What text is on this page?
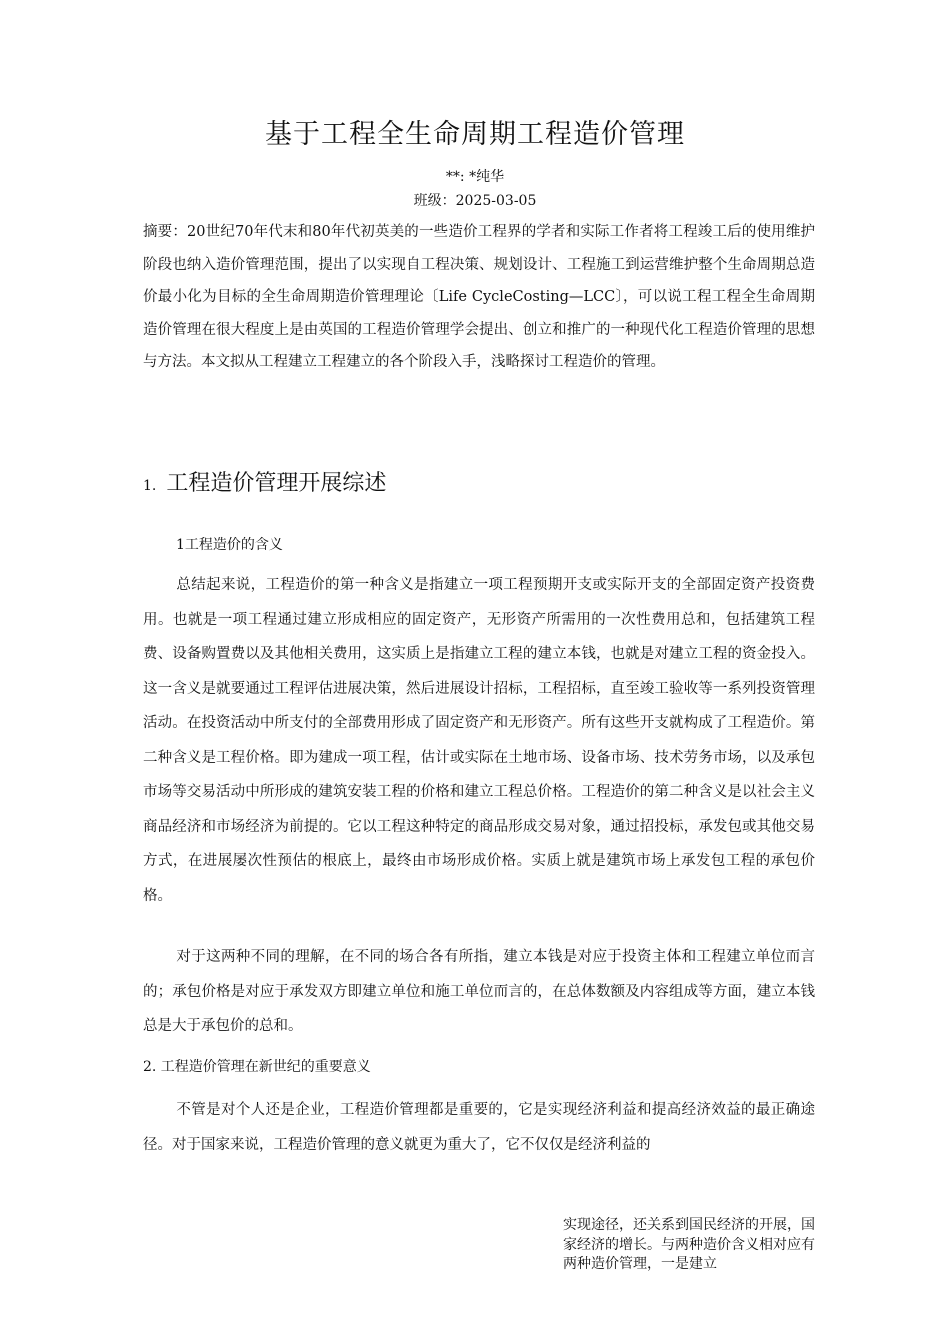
基于工程全生命周期工程造价管理
**: *纯华
班级：2025-03-05
摘要：20世纪70年代末和80年代初英美的一些造价工程界的学者和实际工作者将工程竣工后的使用维护阶段也纳入造价管理范围，提出了以实现自工程决策、规划设计、工程施工到运营维护整个生命周期总造价最小化为目标的全生命周期造价管理理论〔Life CycleCosting—LCC〕，可以说工程工程全生命周期造价管理在很大程度上是由英国的工程造价管理学会提出、创立和推广的一种现代化工程造价管理的思想与方法。本文拟从工程建立工程建立的各个阶段入手，浅略探讨工程造价的管理。
1. 工程造价管理开展综述
1工程造价的含义
总结起来说，工程造价的第一种含义是指建立一项工程预期开支或实际开支的全部固定资产投资费用。也就是一项工程通过建立形成相应的固定资产，无形资产所需用的一次性费用总和，包括建筑工程费、设备购置费以及其他相关费用，这实质上是指建立工程的建立本钱，也就是对建立工程的资金投入。这一含义是就要通过工程评估进展决策，然后进展设计招标，工程招标，直至竣工验收等一系列投资管理活动。在投资活动中所支付的全部费用形成了固定资产和无形资产。所有这些开支就构成了工程造价。第二种含义是工程价格。即为建成一项工程，估计或实际在土地市场、设备市场、技术劳务市场，以及承包市场等交易活动中所形成的建筑安装工程的价格和建立工程总价格。工程造价的第二种含义是以社会主义商品经济和市场经济为前提的。它以工程这种特定的商品形成交易对象，通过招投标，承发包或其他交易方式，在进展屡次性预估的根底上，最终由市场形成价格。实质上就是建筑市场上承发包工程的承包价格。
对于这两种不同的理解，在不同的场合各有所指，建立本钱是对应于投资主体和工程建立单位而言的；承包价格是对应于承发双方即建立单位和施工单位而言的，在总体数额及内容组成等方面，建立本钱总是大于承包价的总和。
2. 工程造价管理在新世纪的重要意义
不管是对个人还是企业，工程造价管理都是重要的，它是实现经济利益和提高经济效益的最正确途径。对于国家来说，工程造价管理的意义就更为重大了，它不仅仅是经济利益的
实现途径，还关系到国民经济的开展，国家经济的增长。与两种造价含义相对应有两种造价管理，一是建立
